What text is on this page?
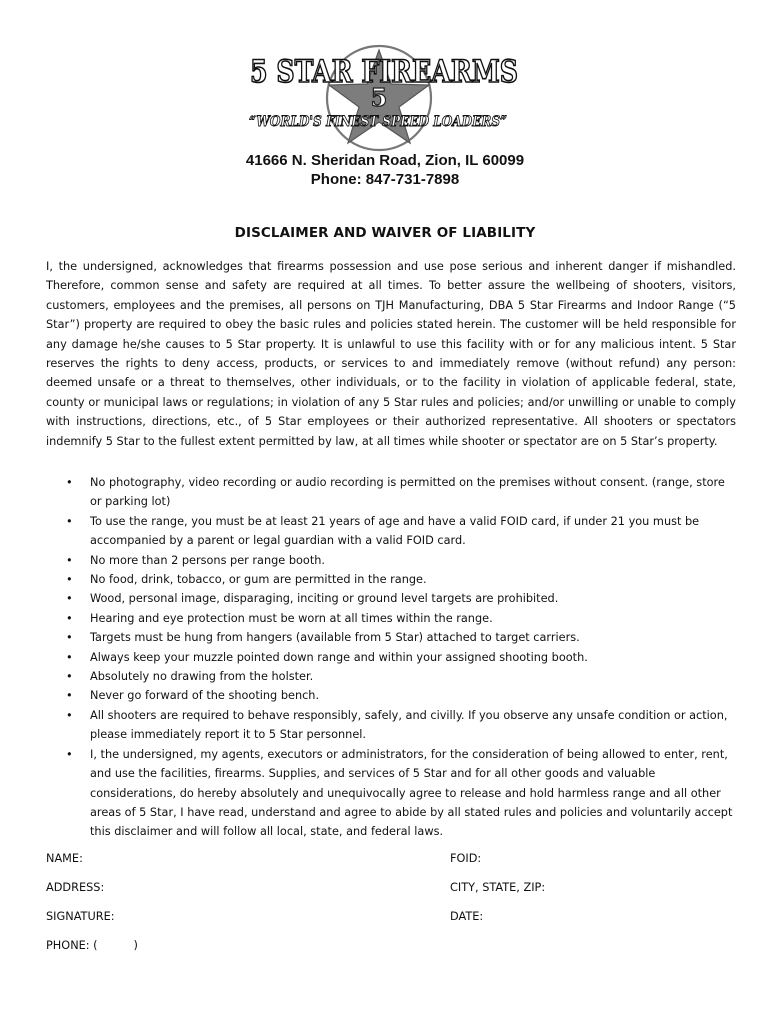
5
5 STAR FIREARMS
“WORLD'S FINEST SPEED LOADERS”
41666 N. Sheridan Road, Zion, IL 60099
Phone: 847-731-7898
DISCLAIMER AND WAIVER OF LIABILITY
I, the undersigned, acknowledges that firearms possession and use pose serious and inherent danger if mishandled. Therefore, common sense and safety are required at all times. To better assure the wellbeing of shooters, visitors, customers, employees and the premises, all persons on TJH Manufacturing, DBA 5 Star Firearms and Indoor Range (“5 Star”) property are required to obey the basic rules and policies stated herein. The customer will be held responsible for any damage he/she causes to 5 Star property. It is unlawful to use this facility with or for any malicious intent. 5 Star reserves the rights to deny access, products, or services to and immediately remove (without refund) any person: deemed unsafe or a threat to themselves, other individuals, or to the facility in violation of applicable federal, state, county or municipal laws or regulations; in violation of any 5 Star rules and policies; and/or unwilling or unable to comply with instructions, directions, etc., of 5 Star employees or their authorized representative. All shooters or spectators indemnify 5 Star to the fullest extent permitted by law, at all times while shooter or spectator are on 5 Star’s property.
•	No photography, video recording or audio recording is permitted on the premises without consent. (range, store or parking lot)
•	To use the range, you must be at least 21 years of age and have a valid FOID card, if under 21 you must be accompanied by a parent or legal guardian with a valid FOID card.
•	No more than 2 persons per range booth.
•	No food, drink, tobacco, or gum are permitted in the range.
•	Wood, personal image, disparaging, inciting or ground level targets are prohibited.
•	Hearing and eye protection must be worn at all times within the range.
•	Targets must be hung from hangers (available from 5 Star) attached to target carriers.
•	Always keep your muzzle pointed down range and within your assigned shooting booth.
•	Absolutely no drawing from the holster.
•	Never go forward of the shooting bench.
•	All shooters are required to behave responsibly, safely, and civilly. If you observe any unsafe condition or action, please immediately report it to 5 Star personnel.
•	I, the undersigned, my agents, executors or administrators, for the consideration of being allowed to enter, rent, and use the facilities, firearms. Supplies, and services of 5 Star and for all other goods and valuable considerations, do hereby absolutely and unequivocally agree to release and hold harmless range and all other areas of 5 Star, I have read, understand and agree to abide by all stated rules and policies and voluntarily accept this disclaimer and will follow all local, state, and federal laws.
NAME:	FOID:
ADDRESS:	CITY, STATE, ZIP:
SIGNATURE:	DATE:
PHONE: (          )
